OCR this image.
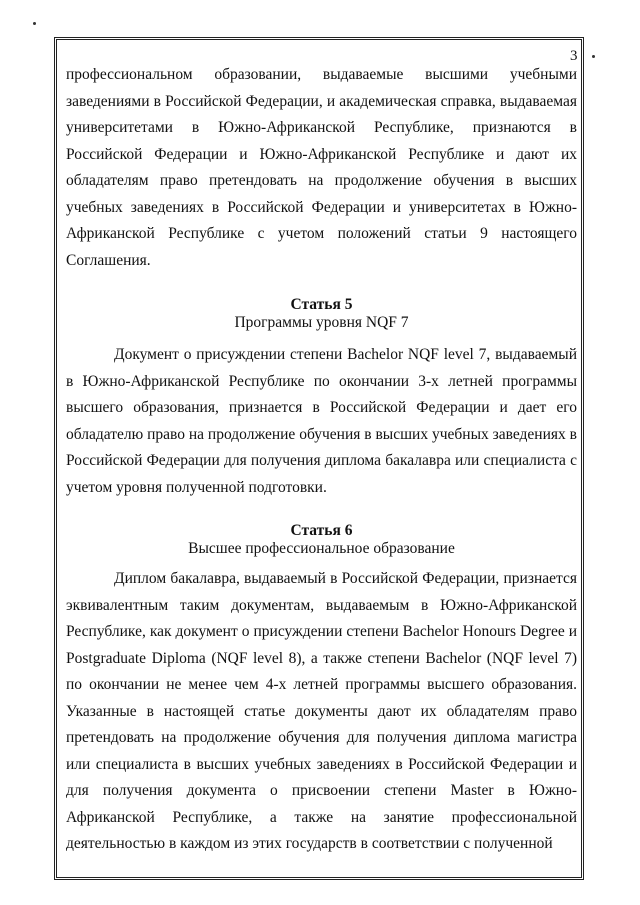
3

профессиональном образовании, выдаваемые высшими учебными заведениями в Российской Федерации, и академическая справка, выдаваемая университетами в Южно-Африканской Республике, признаются в Российской Федерации и Южно-Африканской Республике и дают их обладателям право претендовать на продолжение обучения в высших учебных заведениях в Российской Федерации и университетах в Южно-Африканской Республике с учетом положений статьи 9 настоящего Соглашения.

Статья 5
Программы уровня NQF 7

Документ о присуждении степени Bachelor NQF level 7, выдаваемый в Южно-Африканской Республике по окончании 3-х летней программы высшего образования, признается в Российской Федерации и дает его обладателю право на продолжение обучения в высших учебных заведениях в Российской Федерации для получения диплома бакалавра или специалиста с учетом уровня полученной подготовки.

Статья 6
Высшее профессиональное образование

Диплом бакалавра, выдаваемый в Российской Федерации, признается эквивалентным таким документам, выдаваемым в Южно-Африканской Республике, как документ о присуждении степени Bachelor Honours Degree и Postgraduate Diploma (NQF level 8), а также степени Bachelor (NQF level 7) по окончании не менее чем 4-х летней программы высшего образования. Указанные в настоящей статье документы дают их обладателям право претендовать на продолжение обучения для получения диплома магистра или специалиста в высших учебных заведениях в Российской Федерации и для получения документа о присвоении степени Master в Южно-Африканской Республике, а также на занятие профессиональной деятельностью в каждом из этих государств в соответствии с полученной
